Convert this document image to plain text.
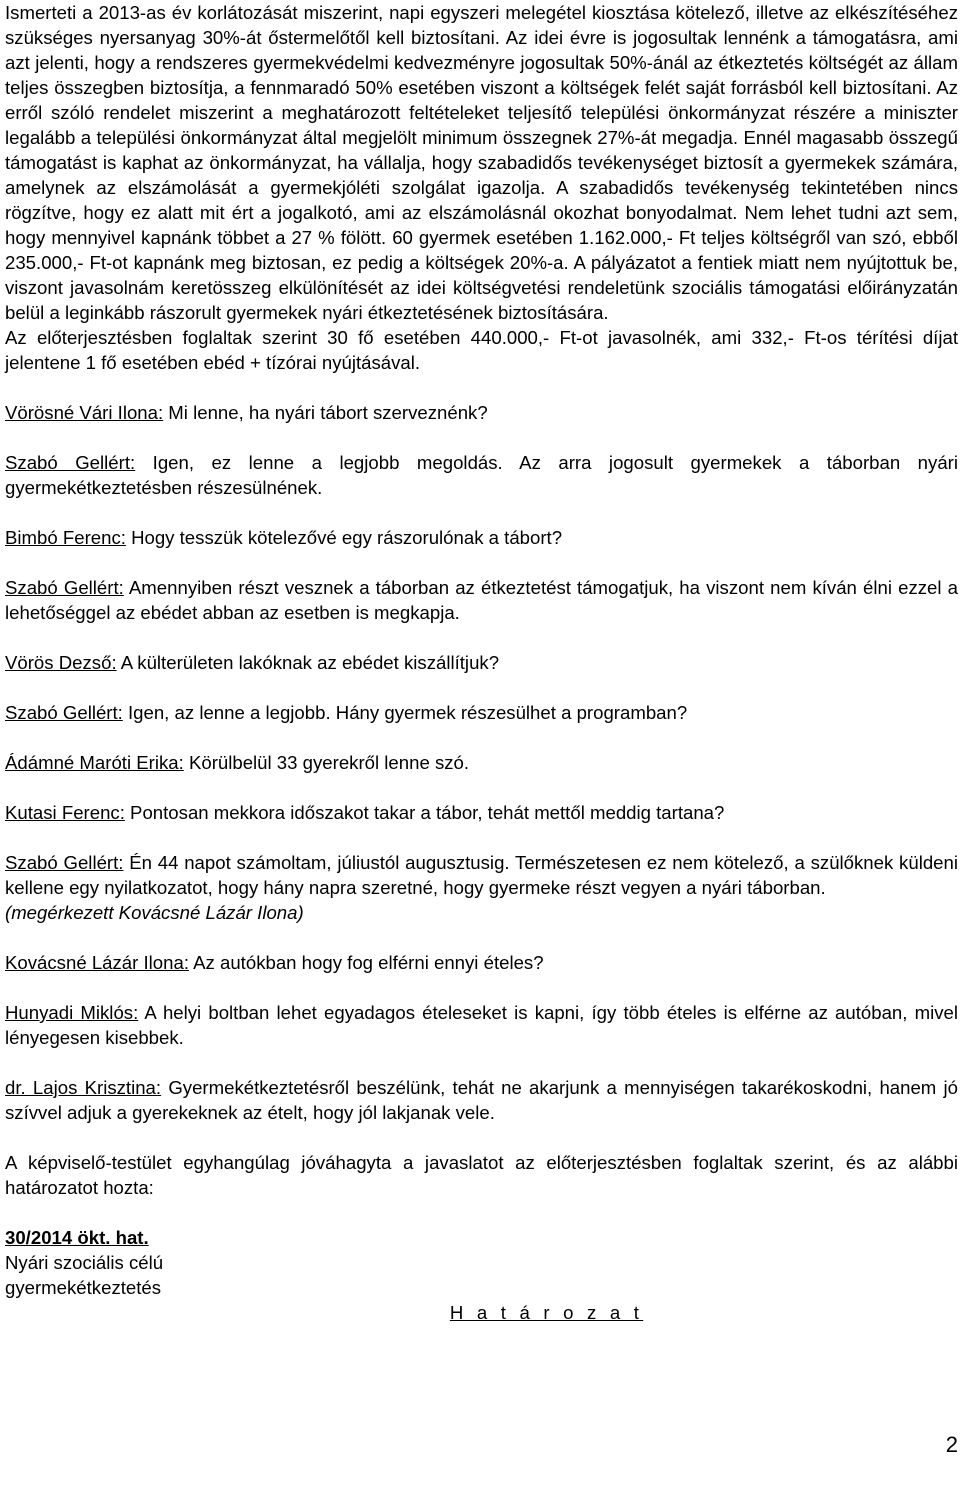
Ismerteti a 2013-as év korlátozását miszerint, napi egyszeri melegétel kiosztása kötelező, illetve az elkészítéséhez szükséges nyersanyag 30%-át őstermelőtől kell biztosítani. Az idei évre is jogosultak lennénk a támogatásra, ami azt jelenti, hogy a rendszeres gyermekvédelmi kedvezményre jogosultak 50%-ánál az étkeztetés költségét az állam teljes összegben biztosítja, a fennmaradó 50% esetében viszont a költségek felét saját forrásból kell biztosítani. Az erről szóló rendelet miszerint a meghatározott feltételeket teljesítő települési önkormányzat részére a miniszter legalább a települési önkormányzat által megjelölt minimum összegnek 27%-át megadja. Ennél magasabb összegű támogatást is kaphat az önkormányzat, ha vállalja, hogy szabadidős tevékenységet biztosít a gyermekek számára, amelynek az elszámolását a gyermekjóléti szolgálat igazolja. A szabadidős tevékenység tekintetében nincs rögzítve, hogy ez alatt mit ért a jogalkotó, ami az elszámolásnál okozhat bonyodalmat. Nem lehet tudni azt sem, hogy mennyivel kapnánk többet a 27 % fölött. 60 gyermek esetében 1.162.000,- Ft teljes költségről van szó, ebből 235.000,- Ft-ot kapnánk meg biztosan, ez pedig a költségek 20%-a. A pályázatot a fentiek miatt nem nyújtottuk be, viszont javasolnám keretösszeg elkülönítését az idei költségvetési rendeletünk szociális támogatási előirányzatán belül a leginkább rászorult gyermekek nyári étkeztetésének biztosítására.

Az előterjesztésben foglaltak szerint 30 fő esetében 440.000,- Ft-ot javasolnék, ami 332,- Ft-os térítési díjat jelentene 1 fő esetében ebéd + tízórai nyújtásával.

Vörösné Vári Ilona: Mi lenne, ha nyári tábort szerveznénk?

Szabó Gellért: Igen, ez lenne a legjobb megoldás. Az arra jogosult gyermekek a táborban nyári gyermekétkeztetésben részesülnének.

Bimbó Ferenc: Hogy tesszük kötelezővé egy rászorulónak a tábort?

Szabó Gellért: Amennyiben részt vesznek a táborban az étkeztetést támogatjuk, ha viszont nem kíván élni ezzel a lehetőséggel az ebédet abban az esetben is megkapja.

Vörös Dezső: A külterületen lakóknak az ebédet kiszállítjuk?

Szabó Gellért: Igen, az lenne a legjobb. Hány gyermek részesülhet a programban?

Ádámné Maróti Erika: Körülbelül 33 gyerekről lenne szó.

Kutasi Ferenc: Pontosan mekkora időszakot takar a tábor, tehát mettől meddig tartana?

Szabó Gellért: Én 44 napot számoltam, júliustól augusztusig. Természetesen ez nem kötelező, a szülőknek küldeni kellene egy nyilatkozatot, hogy hány napra szeretné, hogy gyermeke részt vegyen a nyári táborban.

(megérkezett Kovácsné Lázár Ilona)

Kovácsné Lázár Ilona: Az autókban hogy fog elférni ennyi ételes?

Hunyadi Miklós: A helyi boltban lehet egyadagos ételeseket is kapni, így több ételes is elférne az autóban, mivel lényegesen kisebbek.

dr. Lajos Krisztina: Gyermekétkeztetésről beszélünk, tehát ne akarjunk a mennyiségen takarékoskodni, hanem jó szívvel adjuk a gyerekeknek az ételt, hogy jól lakjanak vele.

A képviselő-testület egyhangúlag jóváhagyta a javaslatot az előterjesztésben foglaltak szerint, és az alábbi határozatot hozta:

30/2014 ökt. hat.

Nyári szociális célú

gyermekétkeztetés

H a t á r o z a t

2
